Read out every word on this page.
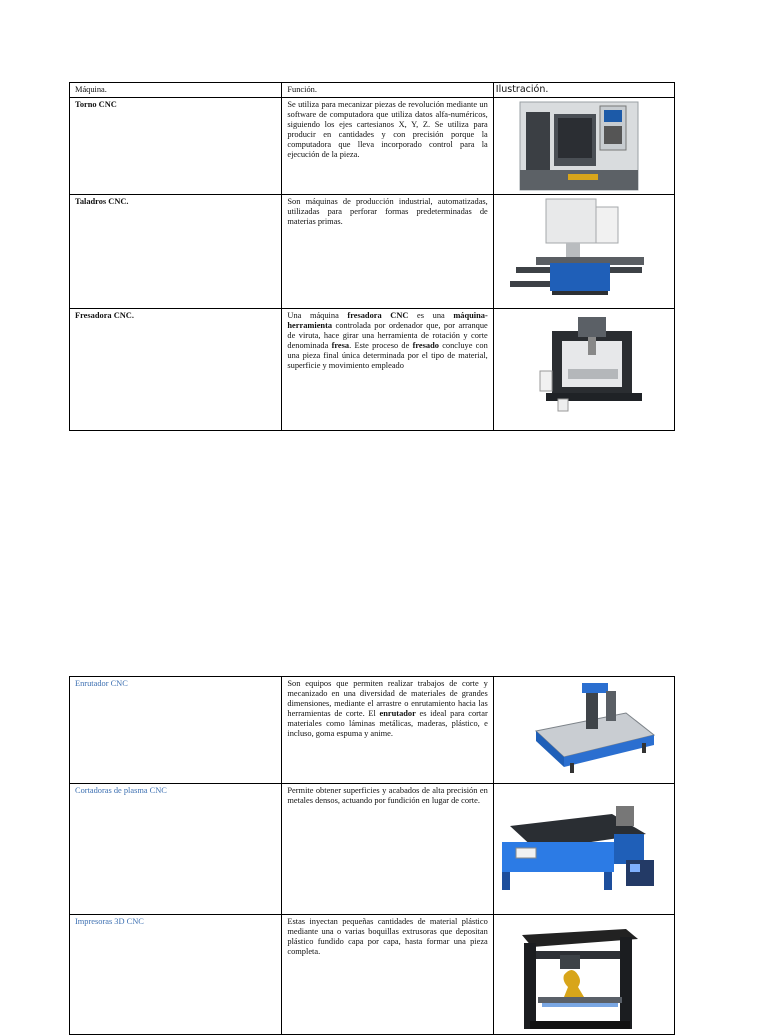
Máquina.	Función.	Ilustración.
Torno CNC	Se utiliza para mecanizar piezas de revolución mediante un software de computadora que utiliza datos alfa-numéricos, siguiendo los ejes cartesianos X, Y, Z. Se utiliza para producir en cantidades y con precisión porque la computadora que lleva incorporado control para la ejecución de la pieza.	

Taladros CNC.	Son máquinas de producción industrial, automatizadas, utilizadas para perforar formas predeterminadas de materias primas.	

Fresadora CNC.	Una máquina fresadora CNC es una máquina-herramienta controlada por ordenador que, por arranque de viruta, hace girar una herramienta de rotación y corte denominada fresa. Este proceso de fresado concluye con una pieza final única determinada por el tipo de material, superficie y movimiento empleado	
Enrutador CNC	Son equipos que permiten realizar trabajos de corte y mecanizado en una diversidad de materiales de grandes dimensiones, mediante el arrastre o enrutamiento hacia las herramientas de corte. El enrutador es ideal para cortar materiales como láminas metálicas, maderas, plástico, e incluso, goma espuma y anime.	

Cortadoras de plasma CNC	Permite obtener superficies y acabados de alta precisión en metales densos, actuando por fundición en lugar de corte.	

Impresoras 3D CNC	Estas inyectan pequeñas cantidades de material plástico mediante una o varias boquillas extrusoras que depositan plástico fundido capa por capa, hasta formar una pieza completa.	
